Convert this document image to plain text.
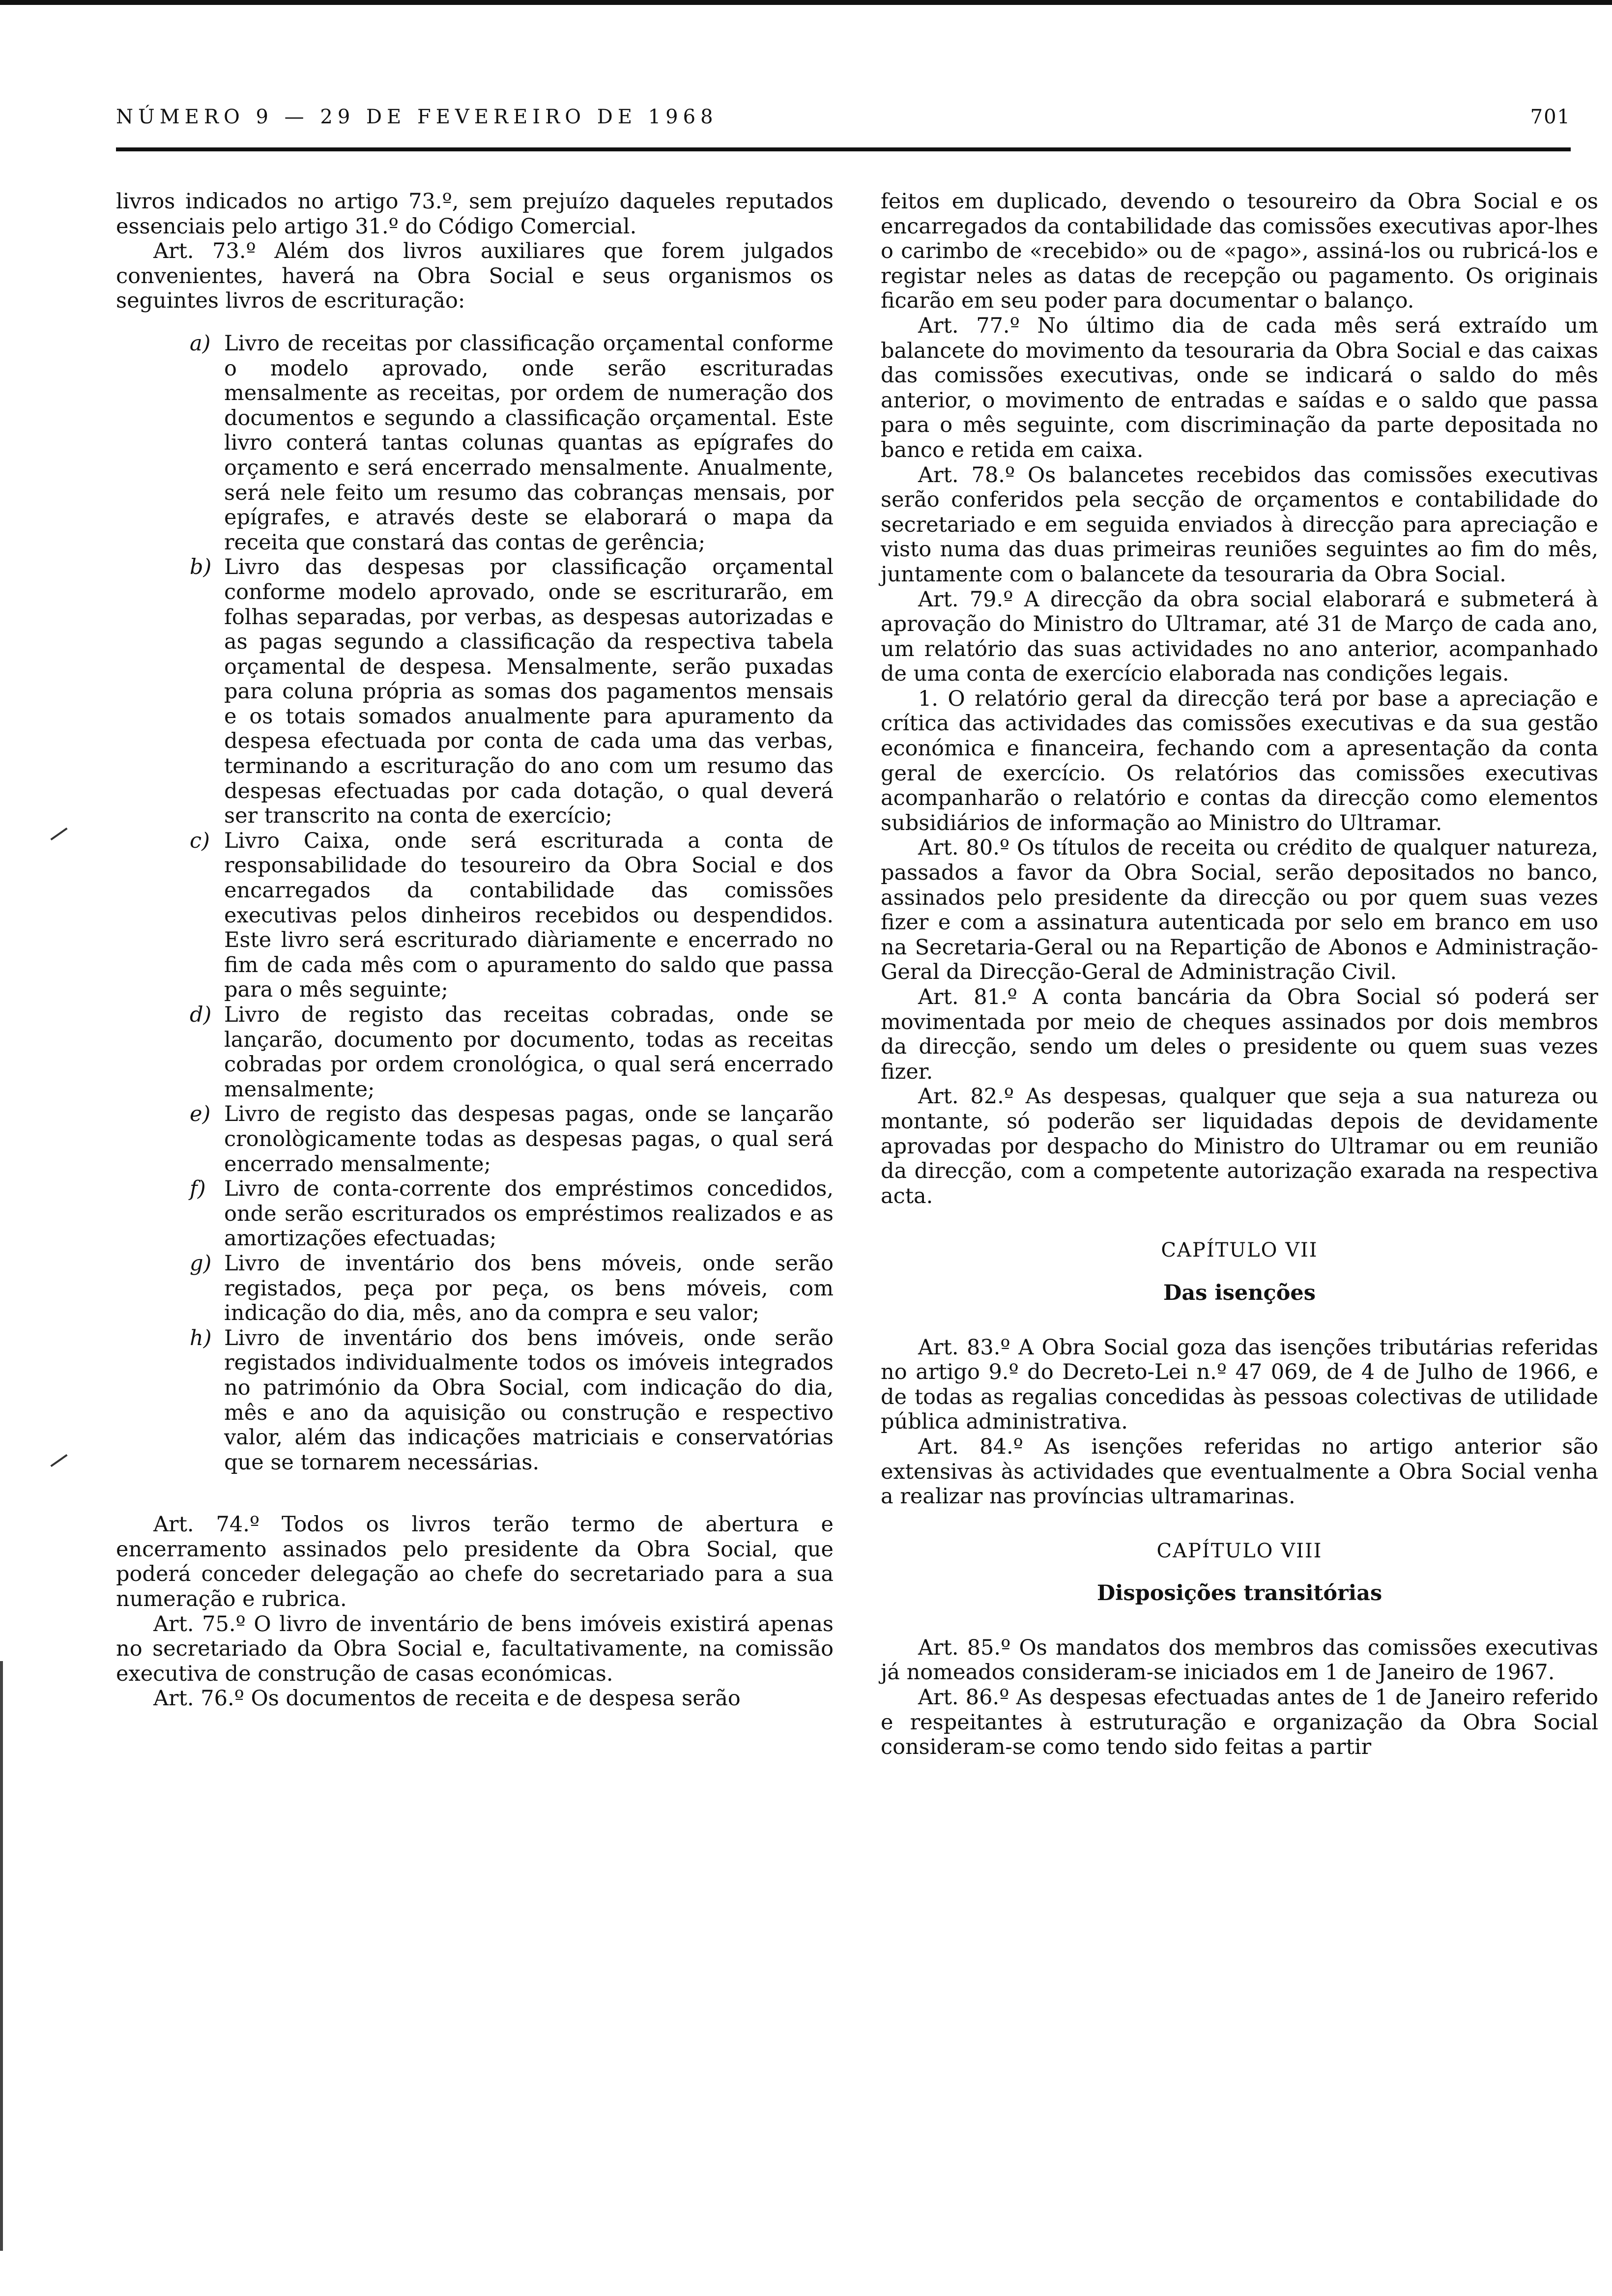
NÚMERO 9 — 29 DE FEVEREIRO DE 1968	701

livros indicados no artigo 73.º, sem prejuízo daqueles reputados essenciais pelo artigo 31.º do Código Comercial.

Art. 73.º Além dos livros auxiliares que forem julgados convenientes, haverá na Obra Social e seus organismos os seguintes livros de escrituração:

a) Livro de receitas por classificação orçamental conforme o modelo aprovado, onde serão escrituradas mensalmente as receitas, por ordem de numeração dos documentos e segundo a classificação orçamental. Este livro conterá tantas colunas quantas as epígrafes do orçamento e será encerrado mensalmente. Anualmente, será nele feito um resumo das cobranças mensais, por epígrafes, e através deste se elaborará o mapa da receita que constará das contas de gerência;
b) Livro das despesas por classificação orçamental conforme modelo aprovado, onde se escriturarão, em folhas separadas, por verbas, as despesas autorizadas e as pagas segundo a classificação da respectiva tabela orçamental de despesa. Mensalmente, serão puxadas para coluna própria as somas dos pagamentos mensais e os totais somados anualmente para apuramento da despesa efectuada por conta de cada uma das verbas, terminando a escrituração do ano com um resumo das despesas efectuadas por cada dotação, o qual deverá ser transcrito na conta de exercício;
c) Livro Caixa, onde será escriturada a conta de responsabilidade do tesoureiro da Obra Social e dos encarregados da contabilidade das comissões executivas pelos dinheiros recebidos ou despendidos. Este livro será escriturado diàriamente e encerrado no fim de cada mês com o apuramento do saldo que passa para o mês seguinte;
d) Livro de registo das receitas cobradas, onde se lançarão, documento por documento, todas as receitas cobradas por ordem cronológica, o qual será encerrado mensalmente;
e) Livro de registo das despesas pagas, onde se lançarão cronològicamente todas as despesas pagas, o qual será encerrado mensalmente;
f) Livro de conta-corrente dos empréstimos concedidos, onde serão escriturados os empréstimos realizados e as amortizações efectuadas;
g) Livro de inventário dos bens móveis, onde serão registados, peça por peça, os bens móveis, com indicação do dia, mês, ano da compra e seu valor;
h) Livro de inventário dos bens imóveis, onde serão registados individualmente todos os imóveis integrados no património da Obra Social, com indicação do dia, mês e ano da aquisição ou construção e respectivo valor, além das indicações matriciais e conservatórias que se tornarem necessárias.

Art. 74.º Todos os livros terão termo de abertura e encerramento assinados pelo presidente da Obra Social, que poderá conceder delegação ao chefe do secretariado para a sua numeração e rubrica.

Art. 75.º O livro de inventário de bens imóveis existirá apenas no secretariado da Obra Social e, facultativamente, na comissão executiva de construção de casas económicas.

Art. 76.º Os documentos de receita e de despesa serão

feitos em duplicado, devendo o tesoureiro da Obra Social e os encarregados da contabilidade das comissões executivas apor-lhes o carimbo de «recebido» ou de «pago», assiná-los ou rubricá-los e registar neles as datas de recepção ou pagamento. Os originais ficarão em seu poder para documentar o balanço.

Art. 77.º No último dia de cada mês será extraído um balancete do movimento da tesouraria da Obra Social e das caixas das comissões executivas, onde se indicará o saldo do mês anterior, o movimento de entradas e saídas e o saldo que passa para o mês seguinte, com discriminação da parte depositada no banco e retida em caixa.

Art. 78.º Os balancetes recebidos das comissões executivas serão conferidos pela secção de orçamentos e contabilidade do secretariado e em seguida enviados à direcção para apreciação e visto numa das duas primeiras reuniões seguintes ao fim do mês, juntamente com o balancete da tesouraria da Obra Social.

Art. 79.º A direcção da obra social elaborará e submeterá à aprovação do Ministro do Ultramar, até 31 de Março de cada ano, um relatório das suas actividades no ano anterior, acompanhado de uma conta de exercício elaborada nas condições legais.

1. O relatório geral da direcção terá por base a apreciação e crítica das actividades das comissões executivas e da sua gestão económica e financeira, fechando com a apresentação da conta geral de exercício. Os relatórios das comissões executivas acompanharão o relatório e contas da direcção como elementos subsidiários de informação ao Ministro do Ultramar.

Art. 80.º Os títulos de receita ou crédito de qualquer natureza, passados a favor da Obra Social, serão depositados no banco, assinados pelo presidente da direcção ou por quem suas vezes fizer e com a assinatura autenticada por selo em branco em uso na Secretaria-Geral ou na Repartição de Abonos e Administração-Geral da Direcção-Geral de Administração Civil.

Art. 81.º A conta bancária da Obra Social só poderá ser movimentada por meio de cheques assinados por dois membros da direcção, sendo um deles o presidente ou quem suas vezes fizer.

Art. 82.º As despesas, qualquer que seja a sua natureza ou montante, só poderão ser liquidadas depois de devidamente aprovadas por despacho do Ministro do Ultramar ou em reunião da direcção, com a competente autorização exarada na respectiva acta.

CAPÍTULO VII

Das isenções

Art. 83.º A Obra Social goza das isenções tributárias referidas no artigo 9.º do Decreto-Lei n.º 47 069, de 4 de Julho de 1966, e de todas as regalias concedidas às pessoas colectivas de utilidade pública administrativa.

Art. 84.º As isenções referidas no artigo anterior são extensivas às actividades que eventualmente a Obra Social venha a realizar nas províncias ultramarinas.

CAPÍTULO VIII

Disposições transitórias

Art. 85.º Os mandatos dos membros das comissões executivas já nomeados consideram-se iniciados em 1 de Janeiro de 1967.

Art. 86.º As despesas efectuadas antes de 1 de Janeiro referido e respeitantes à estruturação e organização da Obra Social consideram-se como tendo sido feitas a partir
